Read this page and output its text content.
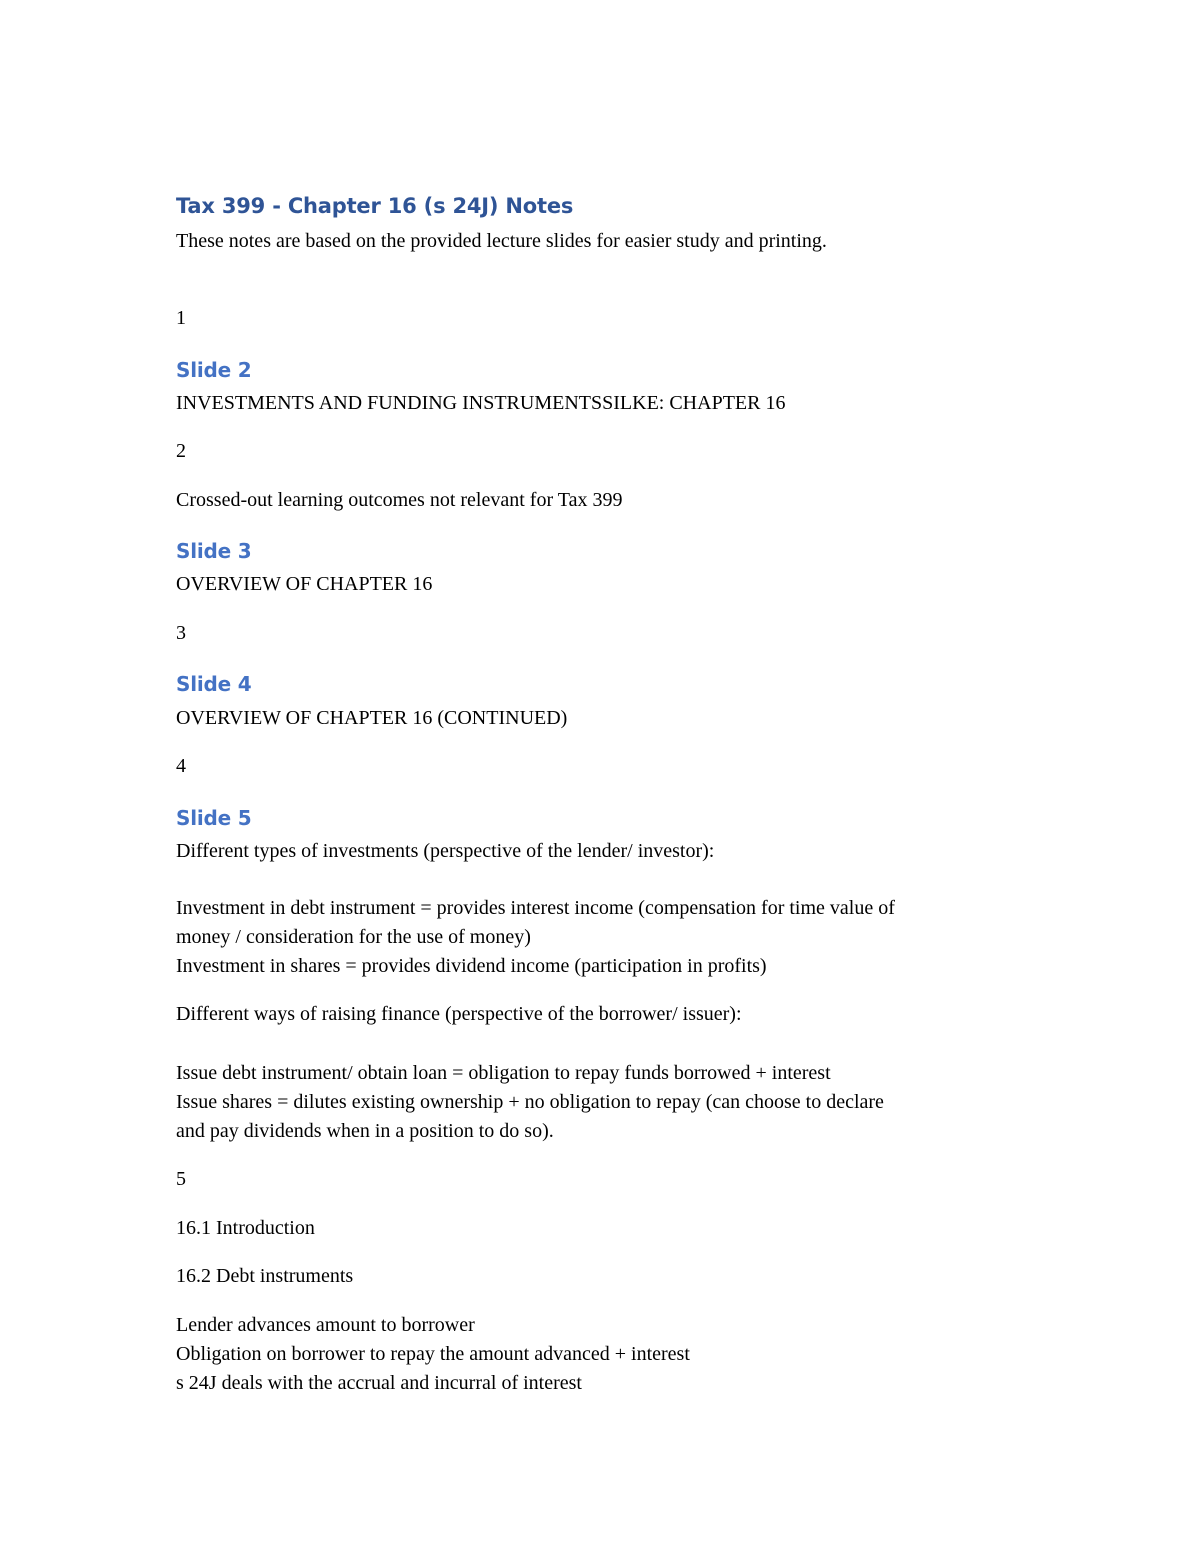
Tax 399 - Chapter 16 (s 24J) Notes
These notes are based on the provided lecture slides for easier study and printing.
1
Slide 2
INVESTMENTS AND FUNDING INSTRUMENTSSILKE: CHAPTER 16
2
Crossed-out learning outcomes not relevant for Tax 399
Slide 3
OVERVIEW OF CHAPTER 16
3
Slide 4
OVERVIEW OF CHAPTER 16 (CONTINUED)
4
Slide 5
Different types of investments (perspective of the lender/ investor):
Investment in debt instrument = provides interest income (compensation for time value of
money / consideration for the use of money)
Investment in shares = provides dividend income (participation in profits)
Different ways of raising finance (perspective of the borrower/ issuer):
Issue debt instrument/ obtain loan = obligation to repay funds borrowed + interest
Issue shares = dilutes existing ownership + no obligation to repay (can choose to declare
and pay dividends when in a position to do so).
5
16.1 Introduction
16.2 Debt instruments
Lender advances amount to borrower
Obligation on borrower to repay the amount advanced + interest
s 24J deals with the accrual and incurral of interest
